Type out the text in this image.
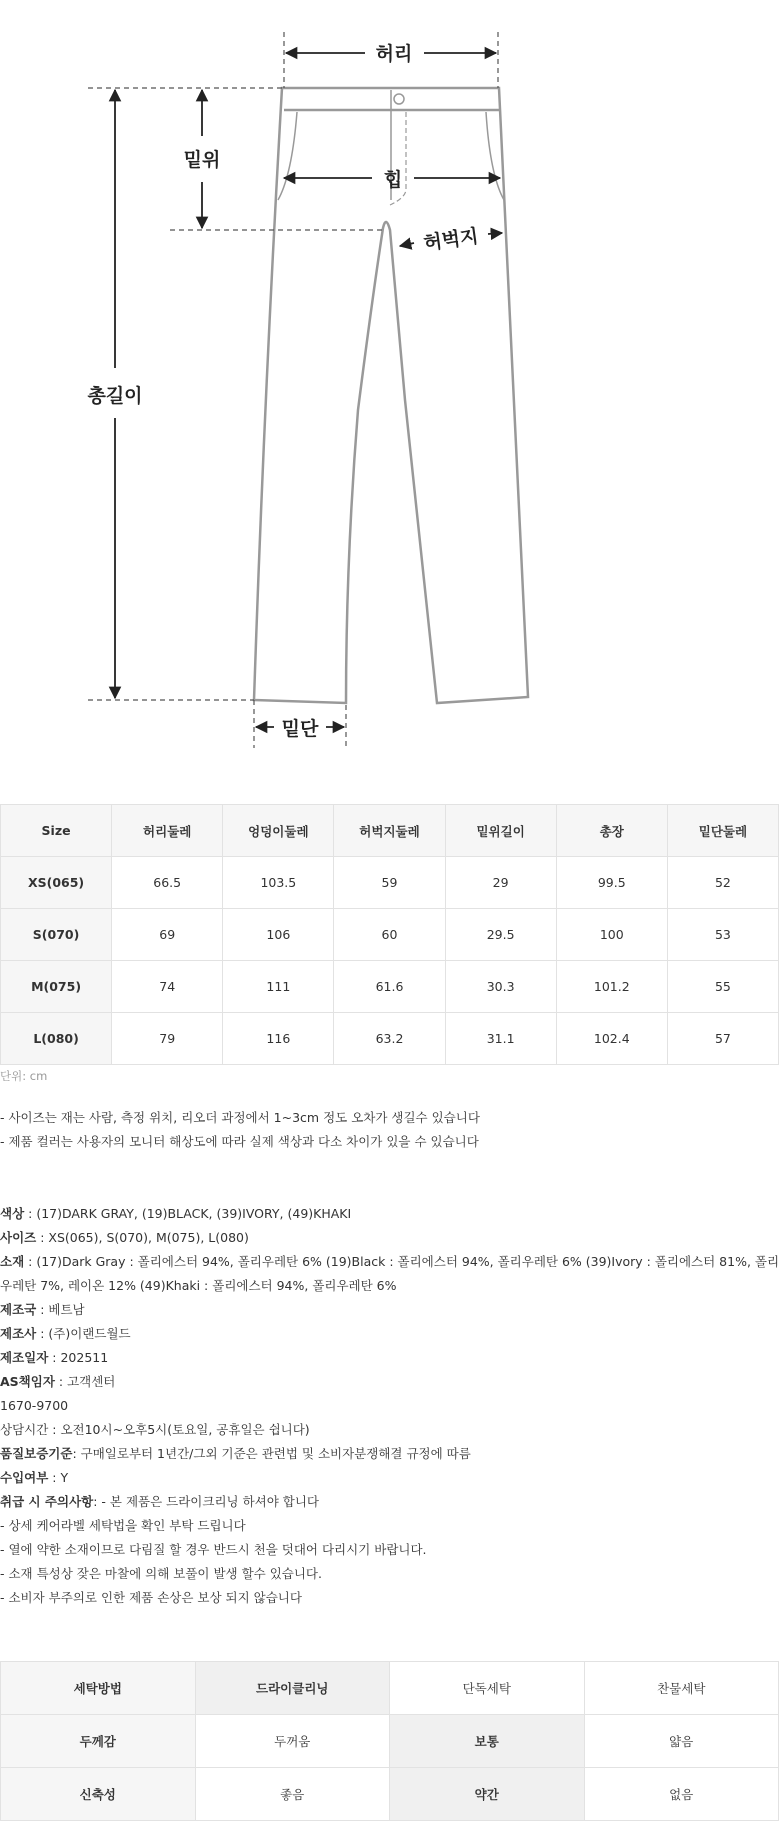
허리
밑위
힙
허벅지
총길이
밑단
Size	허리둘레	엉덩이둘레	허벅지둘레	밑위길이	총장	밑단둘레
XS(065)	66.5	103.5	59	29	99.5	52
S(070)	69	106	60	29.5	100	53
M(075)	74	111	61.6	30.3	101.2	55
L(080)	79	116	63.2	31.1	102.4	57
단위: cm
- 사이즈는 재는 사람, 측정 위치, 리오더 과정에서 1~3cm 정도 오차가 생길수 있습니다
- 제품 컬러는 사용자의 모니터 해상도에 따라 실제 색상과 다소 차이가 있을 수 있습니다
색상 : (17)DARK GRAY, (19)BLACK, (39)IVORY, (49)KHAKI
사이즈 : XS(065), S(070), M(075), L(080)
소재 : (17)Dark Gray : 폴리에스터 94%, 폴리우레탄 6% (19)Black : 폴리에스터 94%, 폴리우레탄 6% (39)Ivory : 폴리에스터 81%, 폴리우레탄 7%, 레이온 12% (49)Khaki : 폴리에스터 94%, 폴리우레탄 6%
제조국 : 베트남
제조사 : (주)이랜드월드
제조일자 : 202511
AS책임자 : 고객센터
1670-9700
상담시간 : 오전10시~오후5시(토요일, 공휴일은 쉽니다)
품질보증기준: 구매일로부터 1년간/그외 기준은 관련법 및 소비자분쟁해결 규정에 따름
수입여부 : Y
취급 시 주의사항: - 본 제품은 드라이크리닝 하셔야 합니다
- 상세 케어라벨 세탁법을 확인 부탁 드립니다
- 열에 약한 소재이므로 다림질 할 경우 반드시 천을 덧대어 다리시기 바랍니다.
- 소재 특성상 잦은 마찰에 의해 보풀이 발생 할수 있습니다.
- 소비자 부주의로 인한 제품 손상은 보상 되지 않습니다
세탁방법	드라이클리닝	단독세탁	찬물세탁
두께감	두꺼움	보통	얇음
신축성	좋음	약간	없음
